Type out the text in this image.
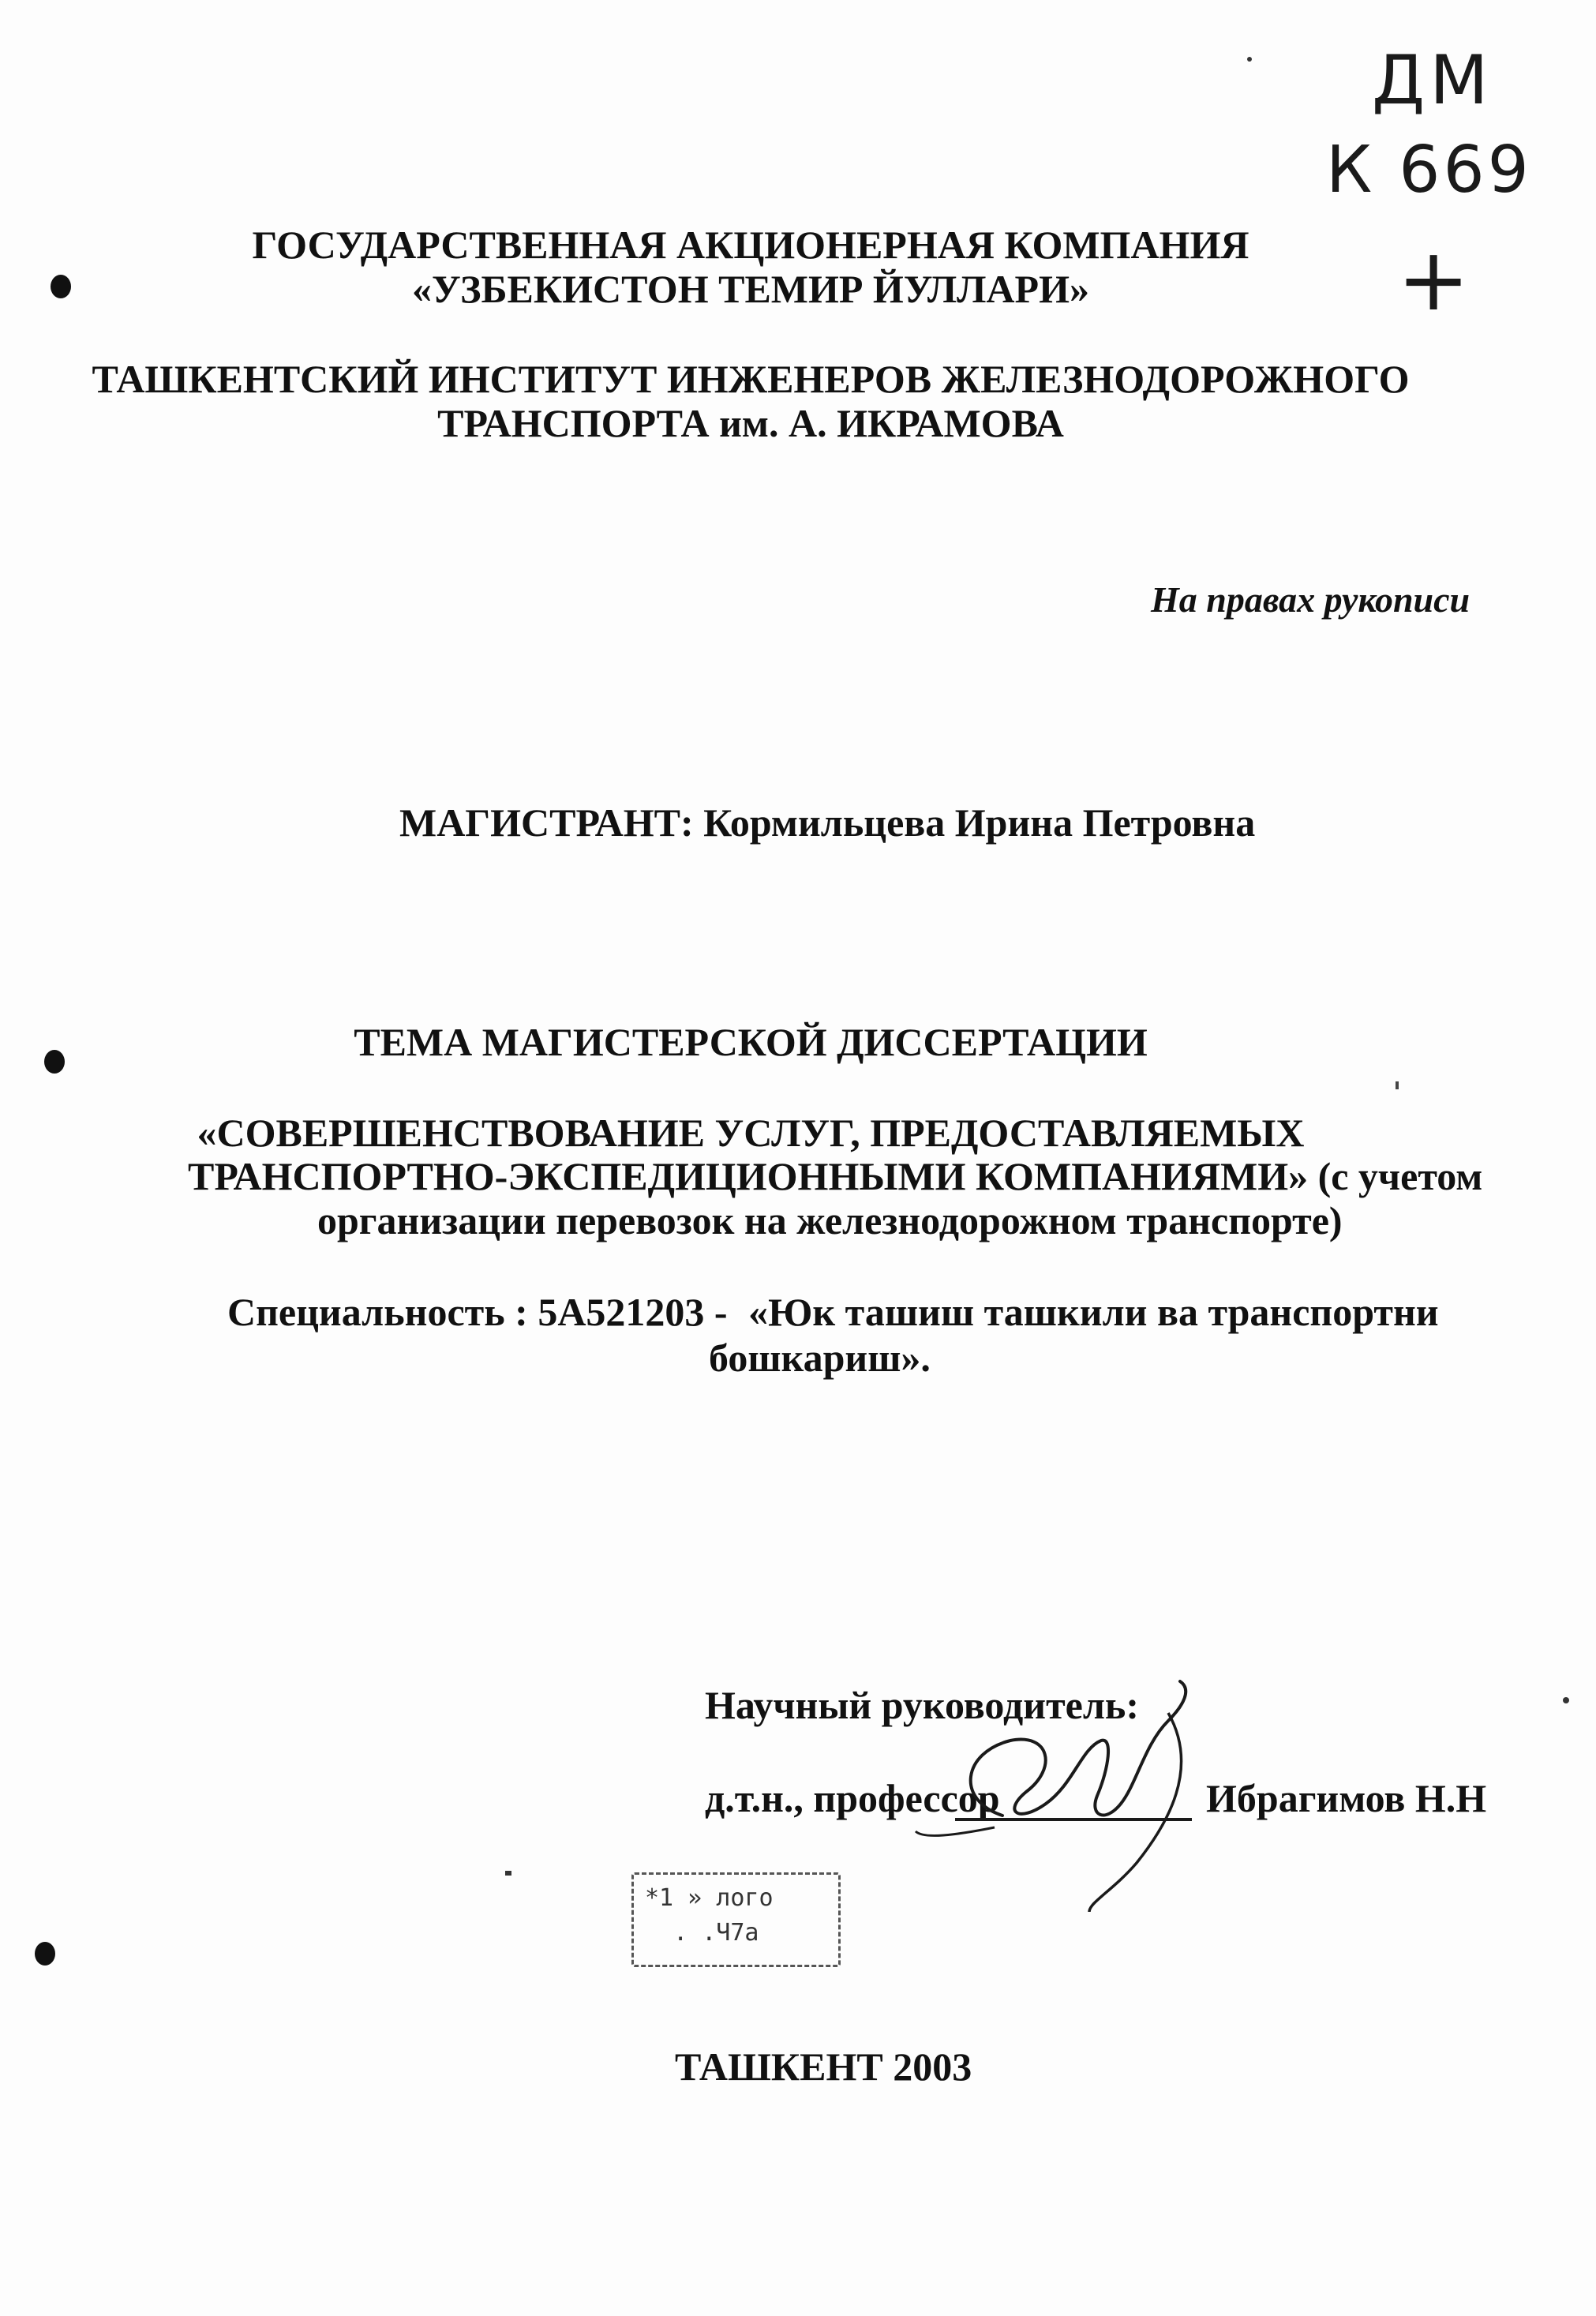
ДМ
К 669
+
ГОСУДАРСТВЕННАЯ АКЦИОНЕРНАЯ КОМПАНИЯ
«УЗБЕКИСТОН ТЕМИР ЙУЛЛАРИ»
ТАШКЕНТСКИЙ ИНСТИТУТ ИНЖЕНЕРОВ ЖЕЛЕЗНОДОРОЖНОГО
ТРАНСПОРТА им. А. ИКРАМОВА
На правах рукописи
МАГИСТРАНТ: Кормильцева Ирина Петровна
ТЕМА МАГИСТЕРСКОЙ ДИССЕРТАЦИИ
«СОВЕРШЕНСТВОВАНИЕ УСЛУГ, ПРЕДОСТАВЛЯЕМЫХ
ТРАНСПОРТНО-ЭКСПЕДИЦИОННЫМИ КОМПАНИЯМИ» (с учетом
организации перевозок на железнодорожном транспорте)
Специальность : 5А521203 - «Юк ташиш ташкили ва транспортни
бошкариш».
Научный руководитель:
д.т.н., профессор	Ибрагимов Н.Н
*1 » лого
. .Ч7а
ТАШКЕНТ 2003
